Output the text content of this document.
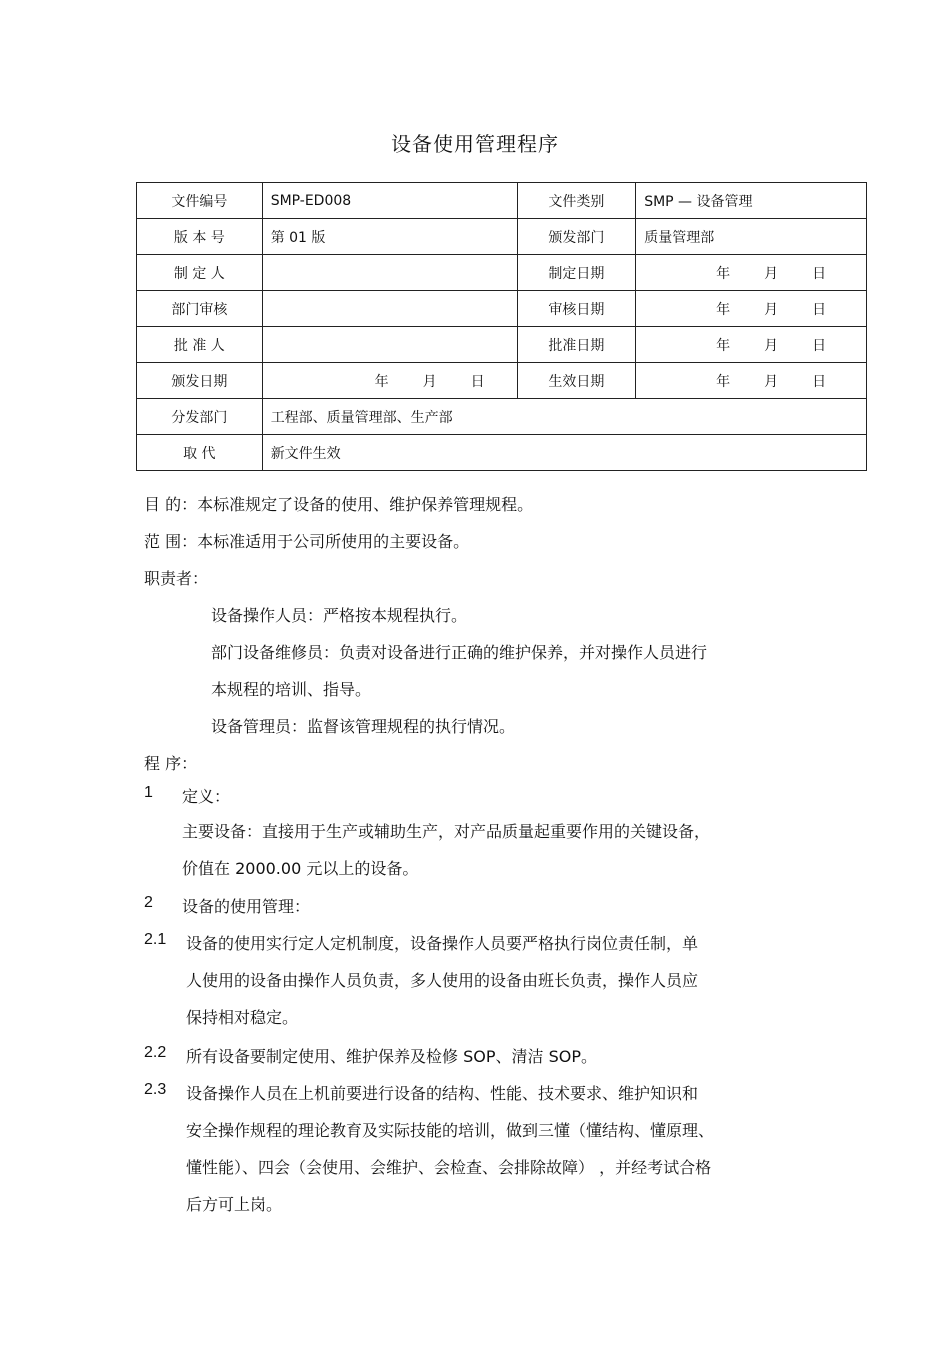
设备使用管理程序
文件编号	SMP-ED008	文件类别	SMP — 设备管理
版 本 号	第 01 版	颁发部门	质量管理部
制 定 人		制定日期	年 月 日

部门审核		审核日期	年 月 日

批 准 人		批准日期	年 月 日

颁发日期	年 月 日	生效日期	年 月 日

分发部门	工程部、质量管理部、生产部		
取 代	新文件生效		
目 的：本标准规定了设备的使用、维护保养管理规程。
范 围：本标准适用于公司所使用的主要设备。
职责者：
设备操作人员：严格按本规程执行。
部门设备维修员：负责对设备进行正确的维护保养，并对操作人员进行
本规程的培训、指导。
设备管理员：监督该管理规程的执行情况。
程 序：
1 定义：
主要设备：直接用于生产或辅助生产，对产品质量起重要作用的关键设备，
价值在 2000.00 元以上的设备。
2 设备的使用管理：
2.1 设备的使用实行定人定机制度，设备操作人员要严格执行岗位责任制，单
人使用的设备由操作人员负责，多人使用的设备由班长负责，操作人员应
保持相对稳定。
2.2 所有设备要制定使用、维护保养及检修 SOP、清洁 SOP。
2.3 设备操作人员在上机前要进行设备的结构、性能、技术要求、维护知识和
安全操作规程的理论教育及实际技能的培训，做到三懂（懂结构、懂原理、
懂性能）、四会（会使用、会维护、会检查、会排除故障） ，并经考试合格
后方可上岗。
